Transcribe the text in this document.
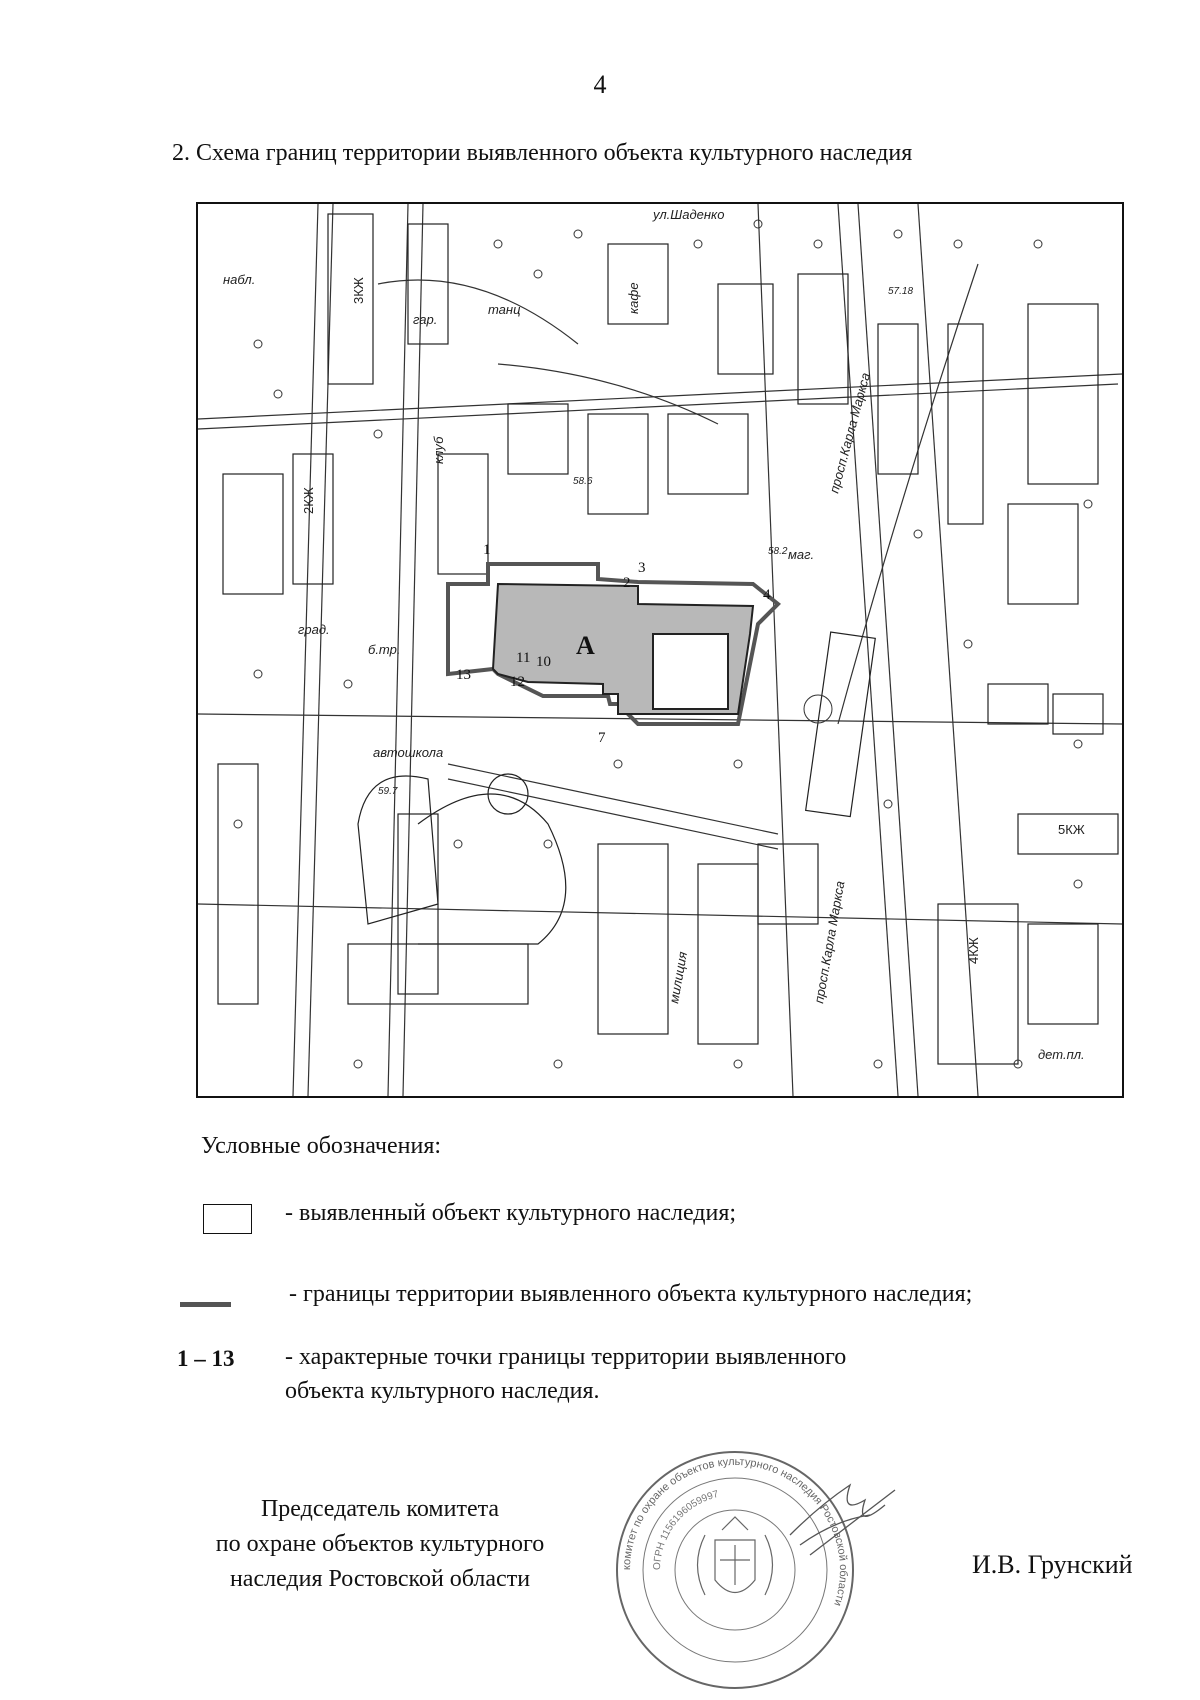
4
2. Схема границ территории выявленного объекта культурного наследия
А
1
2
3
4
7
10
11
12
13
ул.Шаденко
просп.Карла Маркса
просп.Карла Маркса
автошкола
милиция
кафе
клуб
танц
гар.
маг.
дет.пл.
набл.
б.тр.
град.
5КЖ
3КЖ
2КЖ
4КЖ
58.6
58.2
59.7
57.18
Условные обозначения:
- выявленный объект культурного наследия;
- границы территории выявленного объекта культурного наследия;
1 – 13 - характерные точки границы территории выявленного
объекта культурного наследия.
Председатель комитета
по охране объектов культурного
наследия Ростовской области	комитет по охране объектов культурного наследия Ростовской области
ОГРН 1156196059997
И.В. Грунский
